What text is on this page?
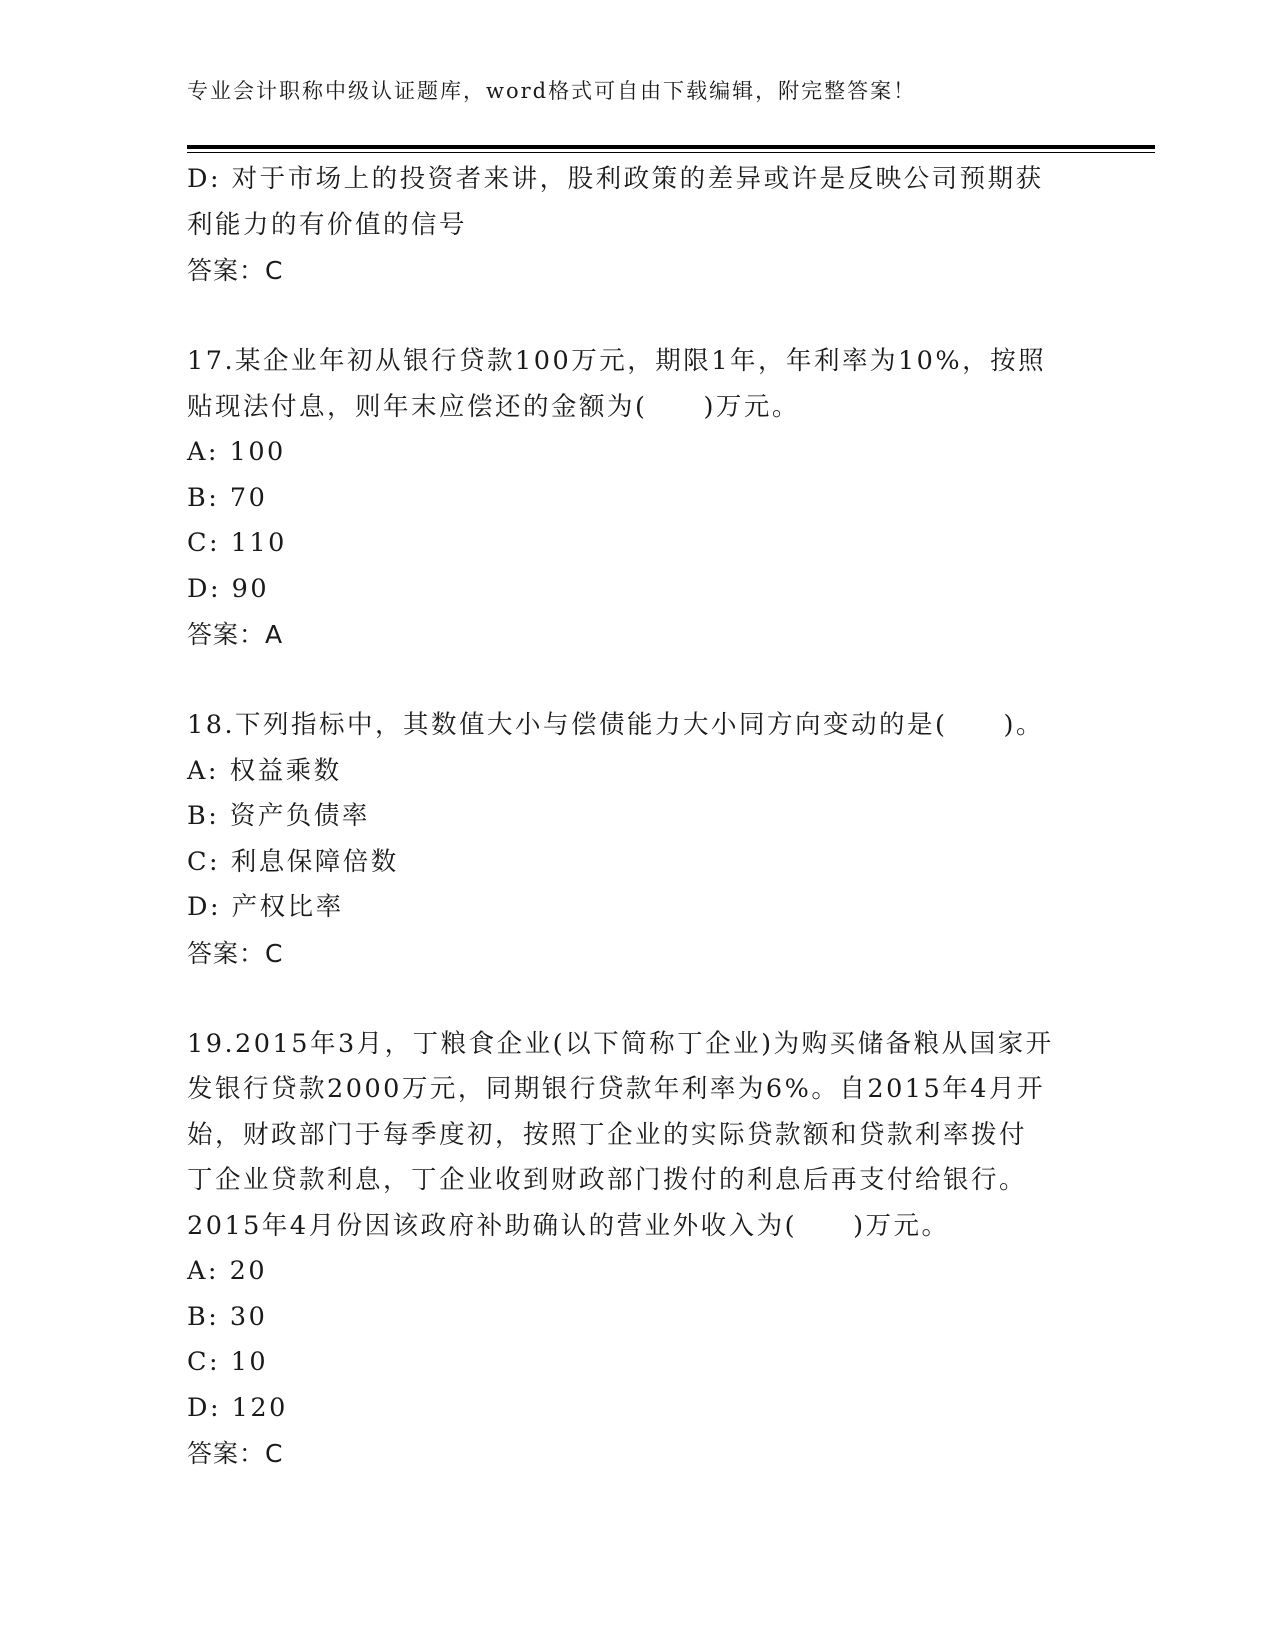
专业会计职称中级认证题库，word格式可自由下载编辑，附完整答案！
D: 对于市场上的投资者来讲，股利政策的差异或许是反映公司预期获
利能力的有价值的信号
答案：C
17.某企业年初从银行贷款100万元，期限1年，年利率为10%，按照
贴现法付息，则年末应偿还的金额为(　　)万元。
A: 100
B: 70
C: 110
D: 90
答案：A
18.下列指标中，其数值大小与偿债能力大小同方向变动的是(　　)。
A: 权益乘数
B: 资产负债率
C: 利息保障倍数
D: 产权比率
答案：C
19.2015年3月，丁粮食企业(以下简称丁企业)为购买储备粮从国家开
发银行贷款2000万元，同期银行贷款年利率为6%。自2015年4月开
始，财政部门于每季度初，按照丁企业的实际贷款额和贷款利率拨付
丁企业贷款利息，丁企业收到财政部门拨付的利息后再支付给银行。
2015年4月份因该政府补助确认的营业外收入为(　　)万元。
A: 20
B: 30
C: 10
D: 120
答案：C
